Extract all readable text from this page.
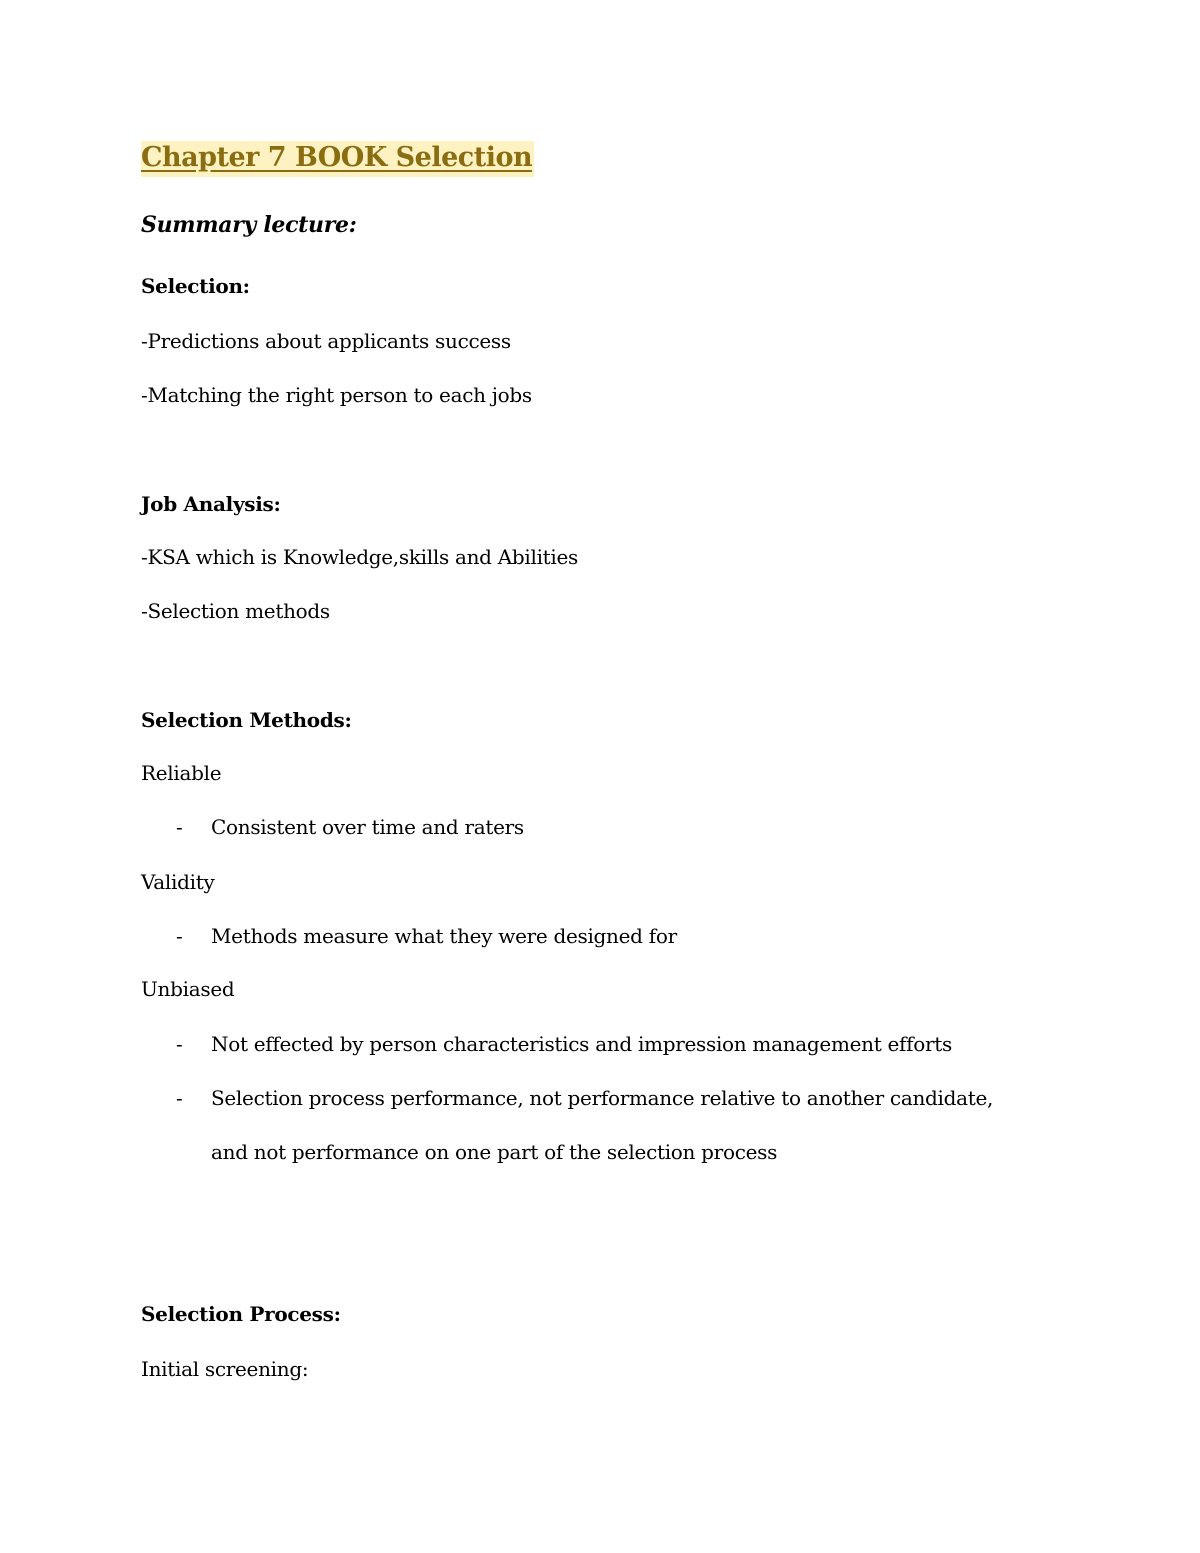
Chapter 7 BOOK Selection
Summary lecture:
Selection:
-Predictions about applicants success
-Matching the right person to each jobs
Job Analysis:
-KSA which is Knowledge,skills and Abilities
-Selection methods
Selection Methods:
Reliable
- Consistent over time and raters
Validity
- Methods measure what they were designed for
Unbiased
- Not effected by person characteristics and impression management efforts
- Selection process performance, not performance relative to another candidate,
and not performance on one part of the selection process
Selection Process:
Initial screening:
